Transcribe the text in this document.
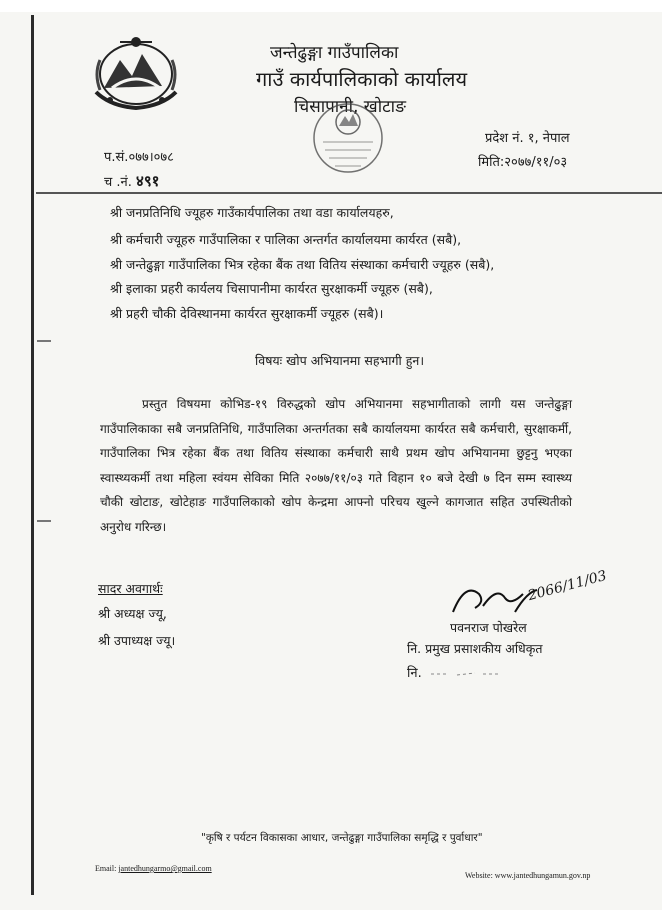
जन्तेढुङ्गा गाउँपालिका
गाउँ कार्यपालिकाको कार्यालय
चिसापानी, खोटाङ
प.सं.०७७।०७८
च .नं. ४९१
प्रदेश नं. १, नेपाल
मिति:२०७७/११/०३
श्री जनप्रतिनिधि ज्यूहरु गाउँकार्यपालिका तथा वडा कार्यालयहरु,
श्री कर्मचारी ज्यूहरु गाउँपालिका र पालिका अन्तर्गत कार्यालयमा कार्यरत (सबै),
श्री जन्तेढुङ्गा गाउँपालिका भित्र रहेका बैंक तथा वितिय संस्थाका कर्मचारी ज्यूहरु (सबै),
श्री इलाका प्रहरी कार्यलय चिसापानीमा कार्यरत सुरक्षाकर्मी ज्यूहरु (सबै),
श्री प्रहरी चौकी देविस्थानमा कार्यरत सुरक्षाकर्मी ज्यूहरु (सबै)।
विषयः खोप अभियानमा सहभागी हुन।
प्रस्तुत विषयमा कोभिड-१९ विरुद्धको खोप अभियानमा सहभागीताको लागी यस जन्तेढुङ्गा गाउँपालिकाका सबै जनप्रतिनिधि, गाउँपालिका अन्तर्गतका सबै कार्यालयमा कार्यरत सबै कर्मचारी, सुरक्षाकर्मी, गाउँपालिका भित्र रहेका बैंक तथा वितिय संस्थाका कर्मचारी साथै प्रथम खोप अभियानमा छुट्टनु भएका स्वास्थ्यकर्मी तथा महिला स्वंयम सेविका मिति २०७७/११/०३ गते विहान १० बजे देखी ७ दिन सम्म स्वास्थ्य चौकी खोटाङ, खोटेहाङ गाउँपालिकाको खोप केन्द्रमा आफ्नो परिचय खुल्ने कागजात सहित उपस्थितीको अनुरोध गरिन्छ।
सादर अवगार्थः
श्री अध्यक्ष ज्यू,
श्री उपाध्यक्ष ज्यू।
2066/11/03
पवनराज पोखरेल
नि. प्रमुख प्रसाशकीय अधिकृत
नि.
"कृषि र पर्यटन विकासका आधार, जन्तेढुङ्गा गाउँपालिका समृद्धि र पुर्वाधार"
Email: jantedhungarmo@gmail.com
Website: www.jantedhungamun.gov.np
